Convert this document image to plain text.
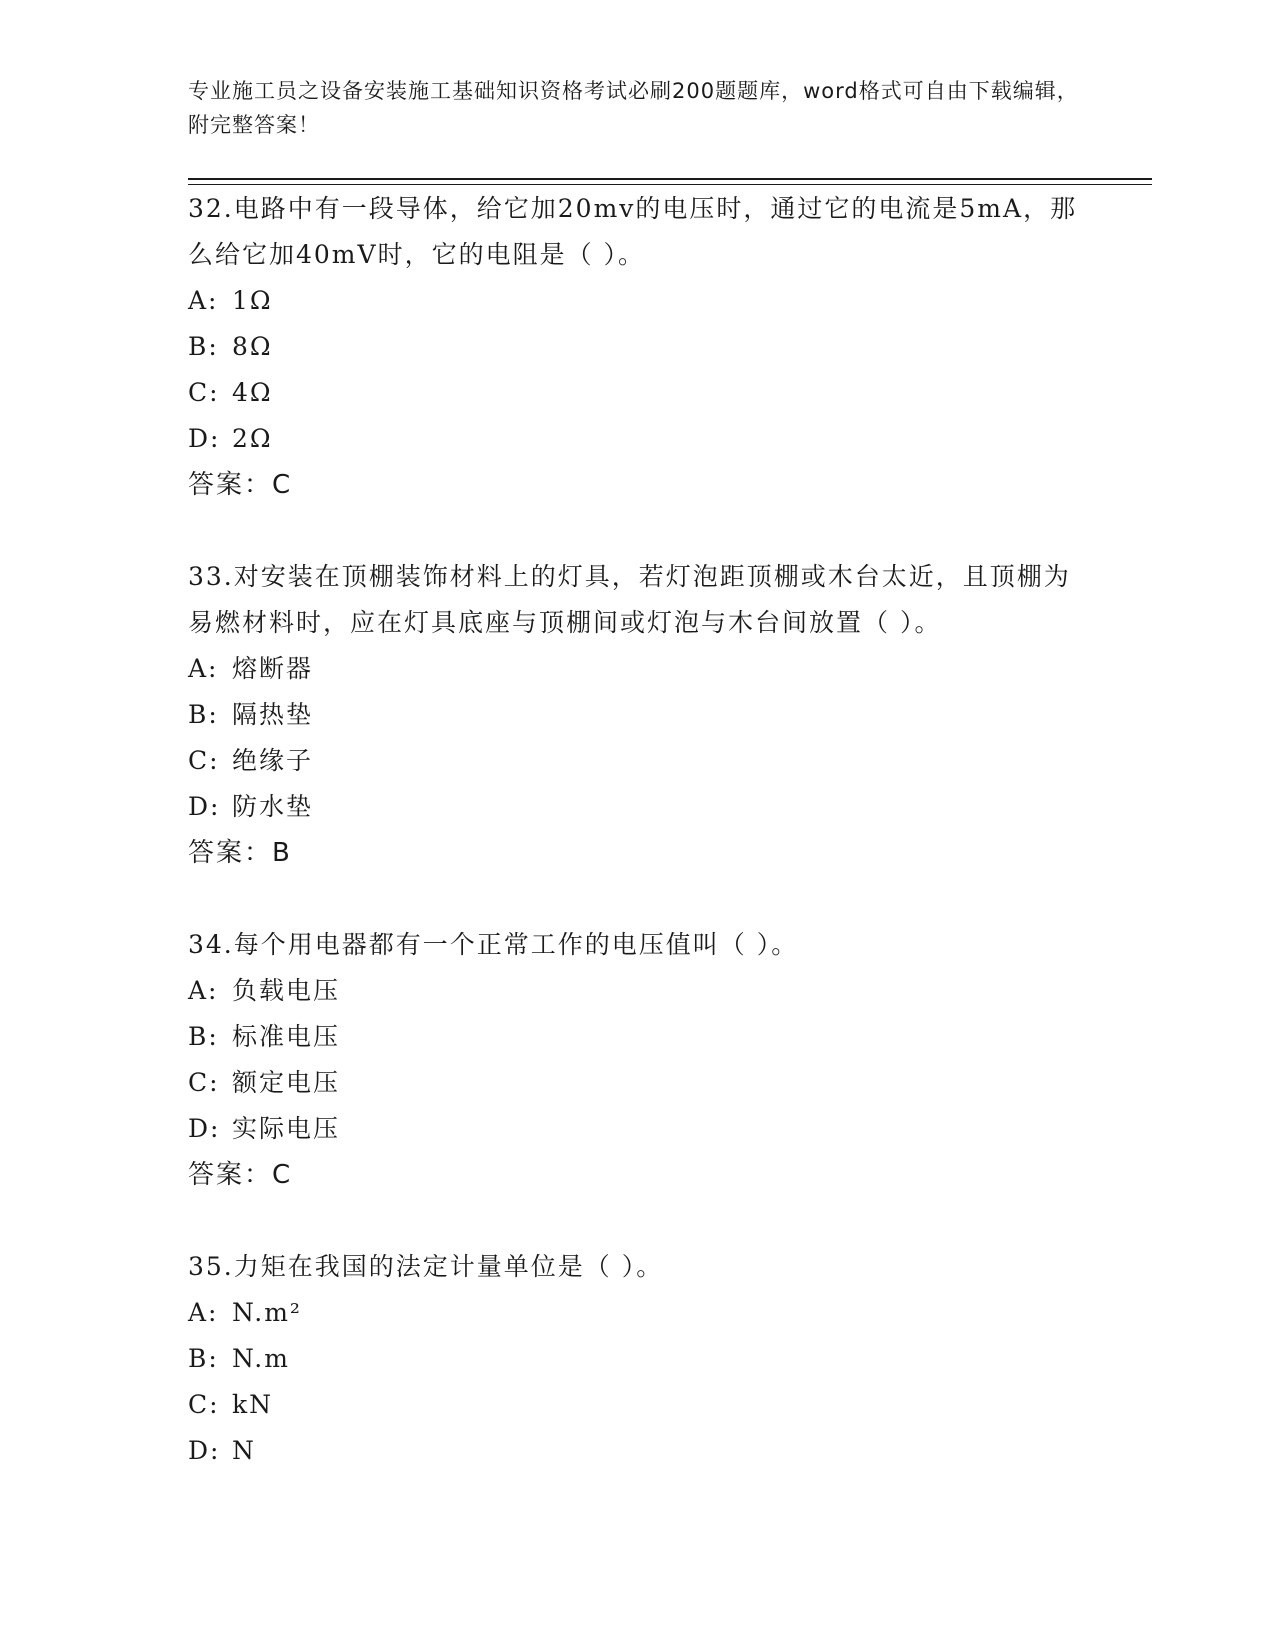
专业施工员之设备安装施工基础知识资格考试必刷200题题库，word格式可自由下载编辑，附完整答案！
32.电路中有一段导体，给它加20mv的电压时，通过它的电流是5mA，那么给它加40mV时，它的电阻是（ ）。
A: 1Ω
B: 8Ω
C: 4Ω
D: 2Ω
答案：C
33.对安装在顶棚装饰材料上的灯具，若灯泡距顶棚或木台太近，且顶棚为易燃材料时，应在灯具底座与顶棚间或灯泡与木台间放置（ ）。
A: 熔断器
B: 隔热垫
C: 绝缘子
D: 防水垫
答案：B
34.每个用电器都有一个正常工作的电压值叫（ ）。
A: 负载电压
B: 标准电压
C: 额定电压
D: 实际电压
答案：C
35.力矩在我国的法定计量单位是（ ）。
A: N.m²
B: N.m
C: kN
D: N
